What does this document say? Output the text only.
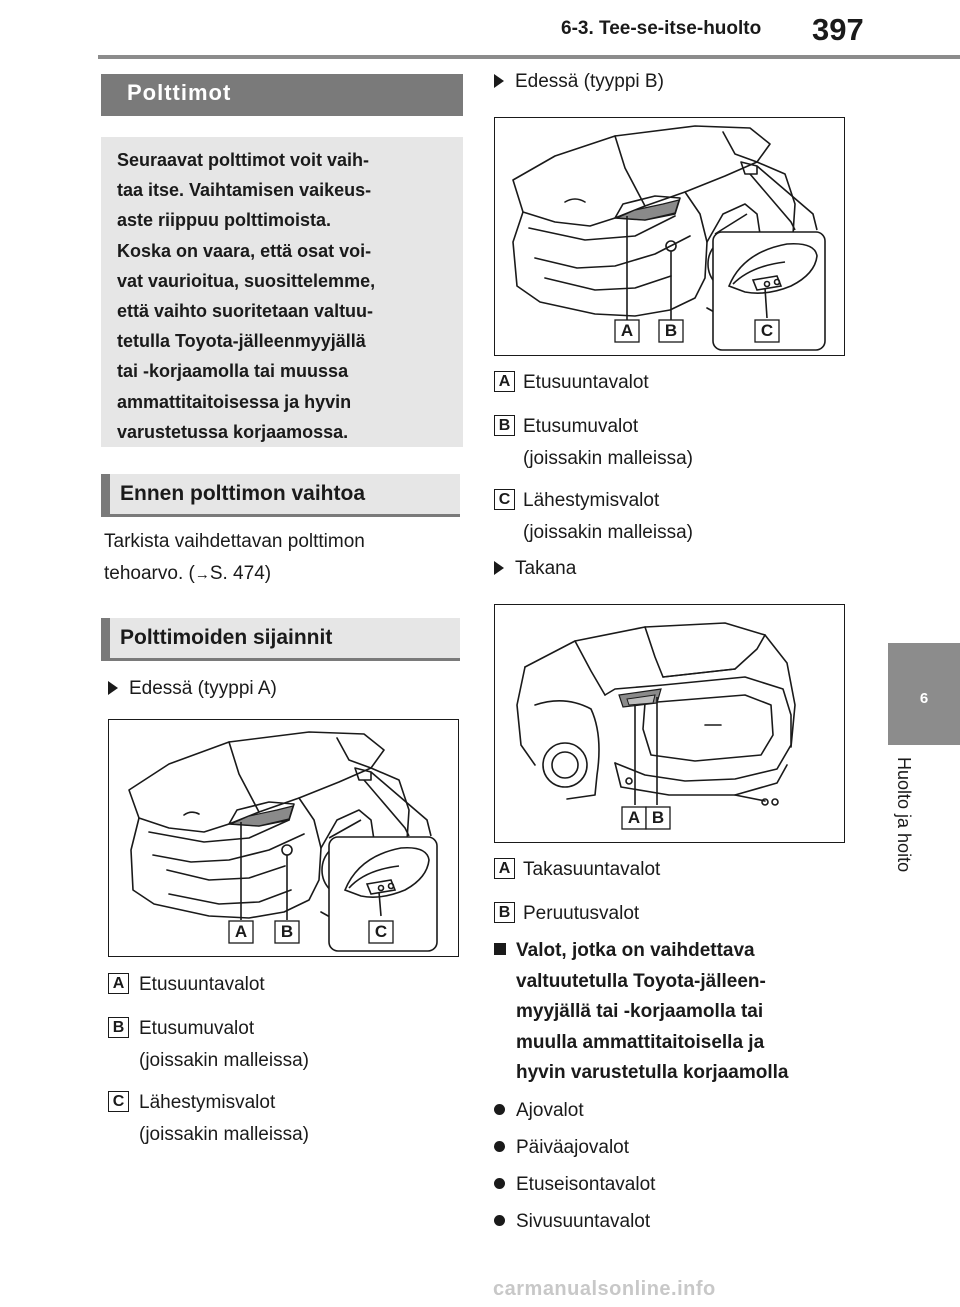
6-3. Tee-se-itse-huolto 397
6
Huolto ja hoito
Polttimot
Seuraavat polttimot voit vaih-
taa itse. Vaihtamisen vaikeus-
aste riippuu polttimoista.
Koska on vaara, että osat voi-
vat vaurioitua, suosittelemme,
että vaihto suoritetaan valtuu-
tetulla Toyota-jälleenmyyjällä
tai -korjaamolla tai muussa
ammattitaitoisessa ja hyvin
varustetussa korjaamossa.
Ennen polttimon vaihtoa
Tarkista vaihdettavan polttimon
tehoarvo. (→S. 474)
Polttimoiden sijainnit
Edessä (tyyppi A)
A	B	C
A Etusuuntavalot
B Etusumuvalot
(joissakin malleissa)
C Lähestymisvalot
(joissakin malleissa)
Edessä (tyyppi B)
A	B	C
A Etusuuntavalot
B Etusumuvalot
(joissakin malleissa)
C Lähestymisvalot
(joissakin malleissa)
Takana
A B
A Takasuuntavalot
B Peruutusvalot
Valot, jotka on vaihdettava
valtuutetulla Toyota-jälleen-
myyjällä tai -korjaamolla tai
muulla ammattitaitoisella ja
hyvin varustetulla korjaamolla
Ajovalot
Päiväajovalot
Etuseisontavalot
Sivusuuntavalot
carmanualsonline.info
